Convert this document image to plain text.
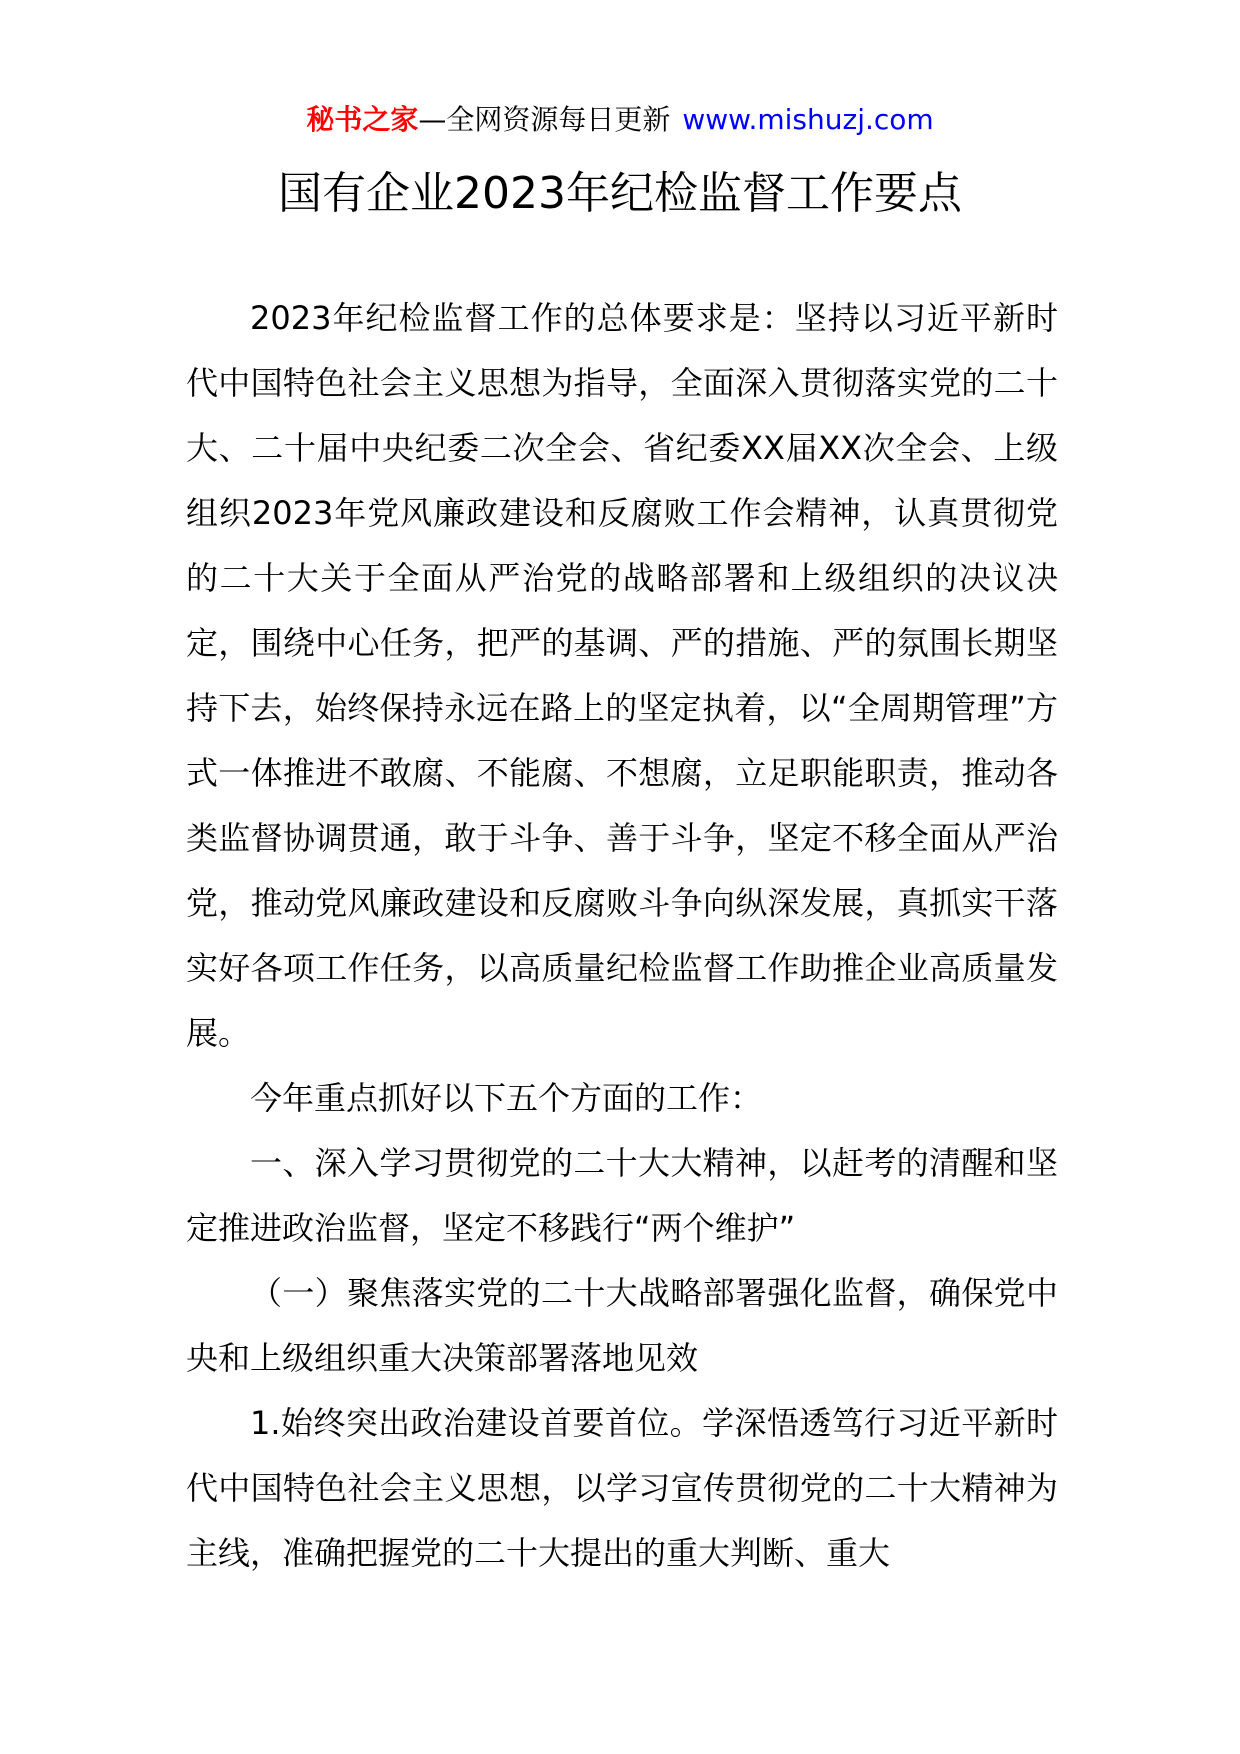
秘书之家—全网资源每日更新 www.mishuzj.com
国有企业2023年纪检监督工作要点

2023年纪检监督工作的总体要求是：坚持以习近平新时代中国特色社会主义思想为指导，全面深入贯彻落实党的二十大、二十届中央纪委二次全会、省纪委XX届XX次全会、上级组织2023年党风廉政建设和反腐败工作会精神，认真贯彻党的二十大关于全面从严治党的战略部署和上级组织的决议决定，围绕中心任务，把严的基调、严的措施、严的氛围长期坚持下去，始终保持永远在路上的坚定执着，以“全周期管理”方式一体推进不敢腐、不能腐、不想腐，立足职能职责，推动各类监督协调贯通，敢于斗争、善于斗争，坚定不移全面从严治党，推动党风廉政建设和反腐败斗争向纵深发展，真抓实干落实好各项工作任务，以高质量纪检监督工作助推企业高质量发展。

今年重点抓好以下五个方面的工作：

一、深入学习贯彻党的二十大大精神，以赶考的清醒和坚定推进政治监督，坚定不移践行“两个维护”

（一）聚焦落实党的二十大战略部署强化监督，确保党中央和上级组织重大决策部署落地见效

1.始终突出政治建设首要首位。学深悟透笃行习近平新时代中国特色社会主义思想，以学习宣传贯彻党的二十大精神为主线，准确把握党的二十大提出的重大判断、重大
